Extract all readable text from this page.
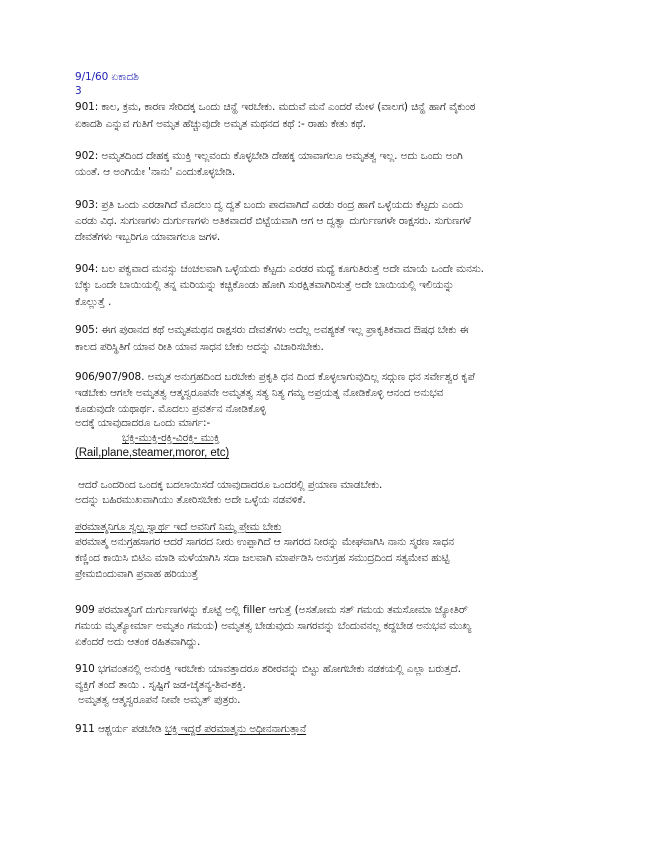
9/1/60 ಏಕಾದಶಿ
3
901: ಕಾಲ, ಕ್ರಮ, ಕಾರಣ ಸೇರಿದಕ್ಕ ಒಂದು ಚಿನ್ಹೆ ಇರಬೇಕು. ಮದುವೆ ಮನೆ ಎಂದರೆ ಮೇಳ (ವಾಲಗ) ಚಿನ್ಹೆ ಹಾಗೆ ವೈಕುಂಠ
ಏಕಾದಶಿ ಎನ್ನುವ ಗುತಿಗೆ ಅಮೃತ ಹೆಚ್ಚುವುದೇ ಅಮೃತ ಮಥನದ ಕಥೆ :- ರಾಹು ಕೇತು ಕಥೆ.
902: ಅಮೃತದಿಂದ ದೇಹಕ್ಕ ಮುಕ್ತಿ ಇಲ್ಲವಂದು ಕೊಳ್ಳಬೇಡಿ ದೇಹಕ್ಕ ಯಾವಾಗಲೂ ಅಮೃತತ್ವ ಇಲ್ಲ. ಅದು ಒಂದು ಅಂಗಿ
ಯಂತೆ. ಆ ಅಂಗಿಯೇ 'ನಾನು' ಎಂದುಕೊಳ್ಳಬೇಡಿ.
903: ಪ್ರತಿ ಒಂದು ಎರಡಾಗಿದೆ ಮೊದಲು ದ್ವ ದ್ವತೆ ಬಂದು ಪಾದವಾಗಿದೆ ಎರಡು ರಂದ್ರ ಹಾಗೆ ಒಳ್ಳೆಯದು ಕೆಟ್ಟದು ಎಂದು
ಎರಡು ವಿಧ. ಸುಗುಣಗಳು ದುರ್ಗುಣಗಳು ಅತಿಕವಾದರೆ ಬಿಟ್ಟೆಯವಾಗಿ ಆಗ ಆ ದ್ವತ್ವಾ ದುರ್ಗುಣಗಳೇ ರಾಕ್ಷಸರು. ಸುಗುಣಗಳೆ
ದೇವತೆಗಳು ಇಬ್ಬರಿಗೂ ಯಾವಾಗಲೂ ಜಗಳ.
904: ಬಲ ಪಕ್ವವಾದ ಮನಸ್ಸು ಚಂಚಲವಾಗಿ ಒಳ್ಳೆಯದು ಕೆಟ್ಟದು ಎರಡರ ಮಧ್ಯೆ ಕೂಗುತಿರುತ್ತೆ ಅದೇ ಮಾಯೆ ಒಂದೇ ಮನಸು.
ಬೆಕ್ಕು ಒಂದೇ ಬಾಯಿಯಲ್ಲಿ ತನ್ನ ಮರಿಯನ್ನು ಕಚ್ಚಿಕೊಂಡು ಹೋಗಿ ಸುರಕ್ಷಿತವಾಗಿರಿಸುತ್ತೆ ಅದೇ ಬಾಯಿಯಲ್ಲಿ ಇಲಿಯನ್ನು
ಕೊಲ್ಲುತ್ತೆ .
905: ಈಗ ಪುರಾನದ ಕಥೆ ಅಮೃತಮಥನ ರಾಕ್ಷಸರು ದೇವತೆಗಳು ಅದೆಲ್ಲ ಅವಶ್ಯಕತೆ ಇಲ್ಲ ಪ್ರಾಕೃತಿಕವಾದ ಔಷಧ ಬೇಕು ಈ
ಕಾಲದ ಪರಿಸ್ಥಿತಿಗೆ ಯಾವ ರೀತಿ ಯಾವ ಸಾಧನ ಬೇಕು ಅದನ್ನು ವಿಚಾರಿಸಬೇಕು.
906/907/908. ಅಮೃತ ಅನುಗ್ರಹದಿಂದ ಬರಬೇಕು ಪ್ರಕೃತಿ ಧನ ದಿಂದ ಕೊಳ್ಳಲಾಗುವುದಿಲ್ಲ ಸದ್ಗುಣ ಧನ ಸರ್ವೇಶ್ವರ ಕೃಪೆ
ಇಡಬೇಕು ಆಗಲೇ ಅಮೃತತ್ವ ಆತ್ಮಸ್ವರೂಪನೇ ಅಮೃತತ್ವ ಸತ್ಯ ನಿತ್ಯ ಗಮ್ಯ ಅಪ್ರಯತ್ನ ನೋಡಿಕೊಳ್ಳಿ ಆನಂದ ಅನುಭವ
ಕೂಡುವುದೇ ಯಥಾರ್ಥ. ಮೊದಲು ಪ್ರವರ್ತನ ನೋಡಿಕೊಳ್ಳಿ
ಅದಕ್ಕೆ ಯಾವುದಾದರೂ ಒಂದು ಮಾರ್ಗ:-
ಭಕ್ತಿ-ಮುಕ್ತಿ-ರಕ್ತಿ-ವಿರಕ್ತಿ- ಮುಕ್ತಿ
(Rail,plane,steamer,moror, etc)
ಆದರೆ ಒಂದರಿಂದ ಒಂದಕ್ಕ ಬದಲಾಯಿಸದೆ ಯಾವುದಾದರೂ ಒಂದರಲ್ಲಿ ಪ್ರಯಾಣ ಮಾಡಬೇಕು.
ಅದನ್ನು ಬಹಿರಮುಖವಾಗಿಯು ತೋರಿಸಬೇಕು ಅದೇ ಒಳ್ಳೆಯ ನಡವಳಿಕೆ.
ಪರಮಾತ್ಮನಿಗೂ ಸ್ವಲ್ಪ ಸ್ವಾರ್ಥ ಇದೆ ಅವನಿಗೆ ನಿಮ್ಮ ಪ್ರೇಮ ಬೇಕು
ಪರಮಾತ್ಮ ಅನುಗ್ರಹಸಾಗರ ಆದರೆ ಸಾಗರದ ನೀರು ಉಪ್ಪಾಗಿದೆ ಆ ಸಾಗರದ ನೀರನ್ನು ಮೇಘವಾಗಿಸಿ ನಾನು ಸ್ಮರಣ ಸಾಧನ
ಕಣ್ಣಿಂದ ಕಾಯಿಸಿ ಬಿಟಿಎ ಮಾಡಿ ಮಳೆಯಾಗಿಸಿ ಸದಾ ಜಲವಾಗಿ ಮಾರ್ಪಡಿಸಿ ಅನುಗ್ರಹ ಸಮುದ್ರದಿಂದ ಸತ್ಯಮೇವ ಹುಟ್ಟಿ
ಪ್ರೇಮಬಿಂದುವಾಗಿ ಪ್ರವಾಹ ಹರಿಯುತ್ತೆ
909 ಪರಮಾತ್ಮನಿಗೆ ದುರ್ಗುಣಗಳನ್ನು ಕೊಟ್ಟೆ ಅಲ್ಲಿ filler ಆಗುತ್ತೆ (ಅಸತೋಮ ಸತ್ ಗಮಯ ತಮಸೋಮಾ ಜ್ಯೋತಿರ್
ಗಮಯ ಮೃತ್ಯೋರ್ಮಾ ಅಮೃತಂ ಗಮಯ) ಅಮೃತತ್ವ ಬೇಡುವುದು ಸಾಗರವನ್ನು ಬೆಂದುವನಲ್ಲ ಕದ್ದಬೇಡ ಅನುಭವ ಮುಖ್ಯ
ಏಕೆಂದರೆ ಅದು ಆತಂಕ ರಹಿತವಾಗಿದ್ದು.
910 ಭಗವಂತನಲ್ಲಿ ಅನುರಕ್ತಿ ಇರಬೇಕು ಯಾವತ್ತಾದರೂ ಶರೀರವನ್ನು ಬಿಟ್ಟು ಹೋಗಬೇಕು ನಡಕಯಲ್ಲಿ ಎಲ್ಲಾ ಬರುತ್ತದೆ.
ವ್ಯಕ್ತಿಗೆ ತಂದೆ ತಾಯಿ . ಸೃಷ್ಟಿಗೆ ಜಡ-ಚೈತನ್ಯ-ಶಿವ-ಶಕ್ತಿ.
ಅಮೃತತ್ವ ಆತ್ಮಸ್ವರೂಪನೆ ನೀವೇ ಅಮೃತ್ ಪುತ್ರರು.
911 ಆಶ್ಚರ್ಯ ಪಡಬೇಡಿ ಭಕ್ತಿ ಇದ್ದರೆ ಪರಮಾತ್ಮನು ಅಧೀನನಾಗುತ್ತಾನೆ
